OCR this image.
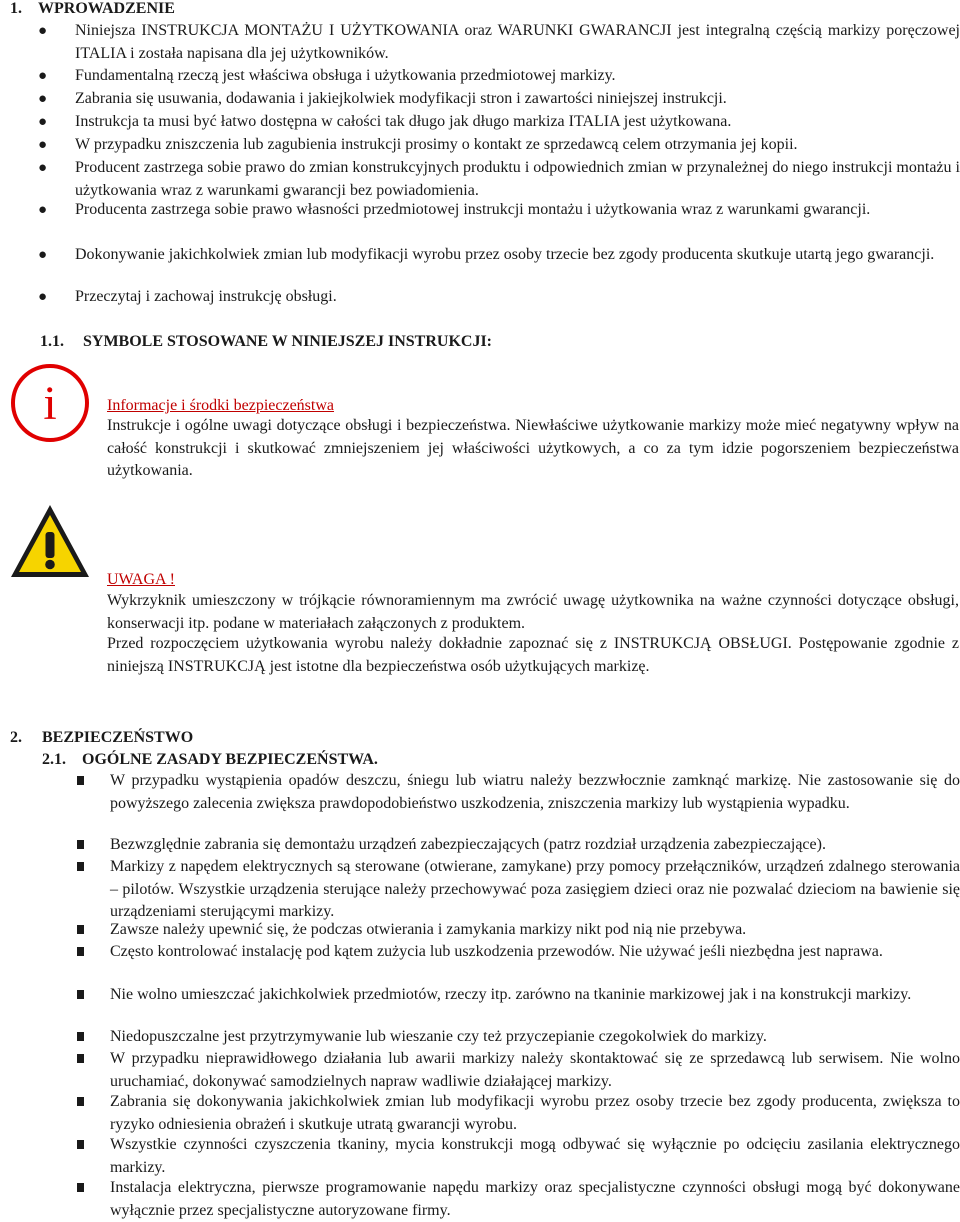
1. WPROWADZENIE
● Niniejsza INSTRUKCJA MONTAŻU I UŻYTKOWANIA oraz WARUNKI GWARANCJI jest integralną częścią markizy poręczowej ITALIA i została napisana dla jej użytkowników.

● Fundamentalną rzeczą jest właściwa obsługa i użytkowania przedmiotowej markizy.

● Zabrania się usuwania, dodawania i jakiejkolwiek modyfikacji stron i zawartości niniejszej instrukcji.

● Instrukcja ta musi być łatwo dostępna w całości tak długo jak długo markiza ITALIA jest użytkowana.

● W przypadku zniszczenia lub zagubienia instrukcji prosimy o kontakt ze sprzedawcą celem otrzymania jej kopii.

● Producent zastrzega sobie prawo do zmian konstrukcyjnych produktu i odpowiednich zmian w przynależnej do niego instrukcji montażu i użytkowania wraz z warunkami gwarancji bez powiadomienia.

● Producenta zastrzega sobie prawo własności przedmiotowej instrukcji montażu i użytkowania wraz z warunkami gwarancji.

● Dokonywanie jakichkolwiek zmian lub modyfikacji wyrobu przez osoby trzecie bez zgody producenta skutkuje utartą jego gwarancji.

● Przeczytaj i zachowaj instrukcję obsługi.

1.1. SYMBOLE STOSOWANE W NINIEJSZEJ INSTRUKCJI:
i	Informacje i środki bezpieczeństwa

Instrukcje i ogólne uwagi dotyczące obsługi i bezpieczeństwa. Niewłaściwe użytkowanie markizy może mieć negatywny wpływ na całość konstrukcji i skutkować zmniejszeniem jej właściwości użytkowych, a co za tym idzie pogorszeniem bezpieczeństwa użytkowania.

UWAGA !

Wykrzyknik umieszczony w trójkącie równoramiennym ma zwrócić uwagę użytkownika na ważne czynności dotyczące obsługi, konserwacji itp. podane w materiałach załączonych z produktem.

Przed rozpoczęciem użytkowania wyrobu należy dokładnie zapoznać się z INSTRUKCJĄ OBSŁUGI. Postępowanie zgodnie z niniejszą INSTRUKCJĄ jest istotne dla bezpieczeństwa osób użytkujących markizę.

2. BEZPIECZEŃSTWO
2.1. OGÓLNE ZASADY BEZPIECZEŃSTWA.

W przypadku wystąpienia opadów deszczu, śniegu lub wiatru należy bezzwłocznie zamknąć markizę. Nie zastosowanie się do powyższego zalecenia zwiększa prawdopodobieństwo uszkodzenia, zniszczenia markizy lub wystąpienia wypadku.

Bezwzględnie zabrania się demontażu urządzeń zabezpieczających (patrz rozdział urządzenia zabezpieczające).

Markizy z napędem elektrycznych są sterowane (otwierane, zamykane) przy pomocy przełączników, urządzeń zdalnego sterowania – pilotów. Wszystkie urządzenia sterujące należy przechowywać poza zasięgiem dzieci oraz nie pozwalać dzieciom na bawienie się urządzeniami sterującymi markizy.

Zawsze należy upewnić się, że podczas otwierania i zamykania markizy nikt pod nią nie przebywa.

Często kontrolować instalację pod kątem zużycia lub uszkodzenia przewodów. Nie używać jeśli niezbędna jest naprawa.

Nie wolno umieszczać jakichkolwiek przedmiotów, rzeczy itp. zarówno na tkaninie markizowej jak i na konstrukcji markizy.

Niedopuszczalne jest przytrzymywanie lub wieszanie czy też przyczepianie czegokolwiek do markizy.

W przypadku nieprawidłowego działania lub awarii markizy należy skontaktować się ze sprzedawcą lub serwisem. Nie wolno uruchamiać, dokonywać samodzielnych napraw wadliwie działającej markizy.

Zabrania się dokonywania jakichkolwiek zmian lub modyfikacji wyrobu przez osoby trzecie bez zgody producenta, zwiększa to ryzyko odniesienia obrażeń i skutkuje utratą gwarancji wyrobu.

Wszystkie czynności czyszczenia tkaniny, mycia konstrukcji mogą odbywać się wyłącznie po odcięciu zasilania elektrycznego markizy.

Instalacja elektryczna, pierwsze programowanie napędu markizy oraz specjalistyczne czynności obsługi mogą być dokonywane wyłącznie przez specjalistyczne autoryzowane firmy.
